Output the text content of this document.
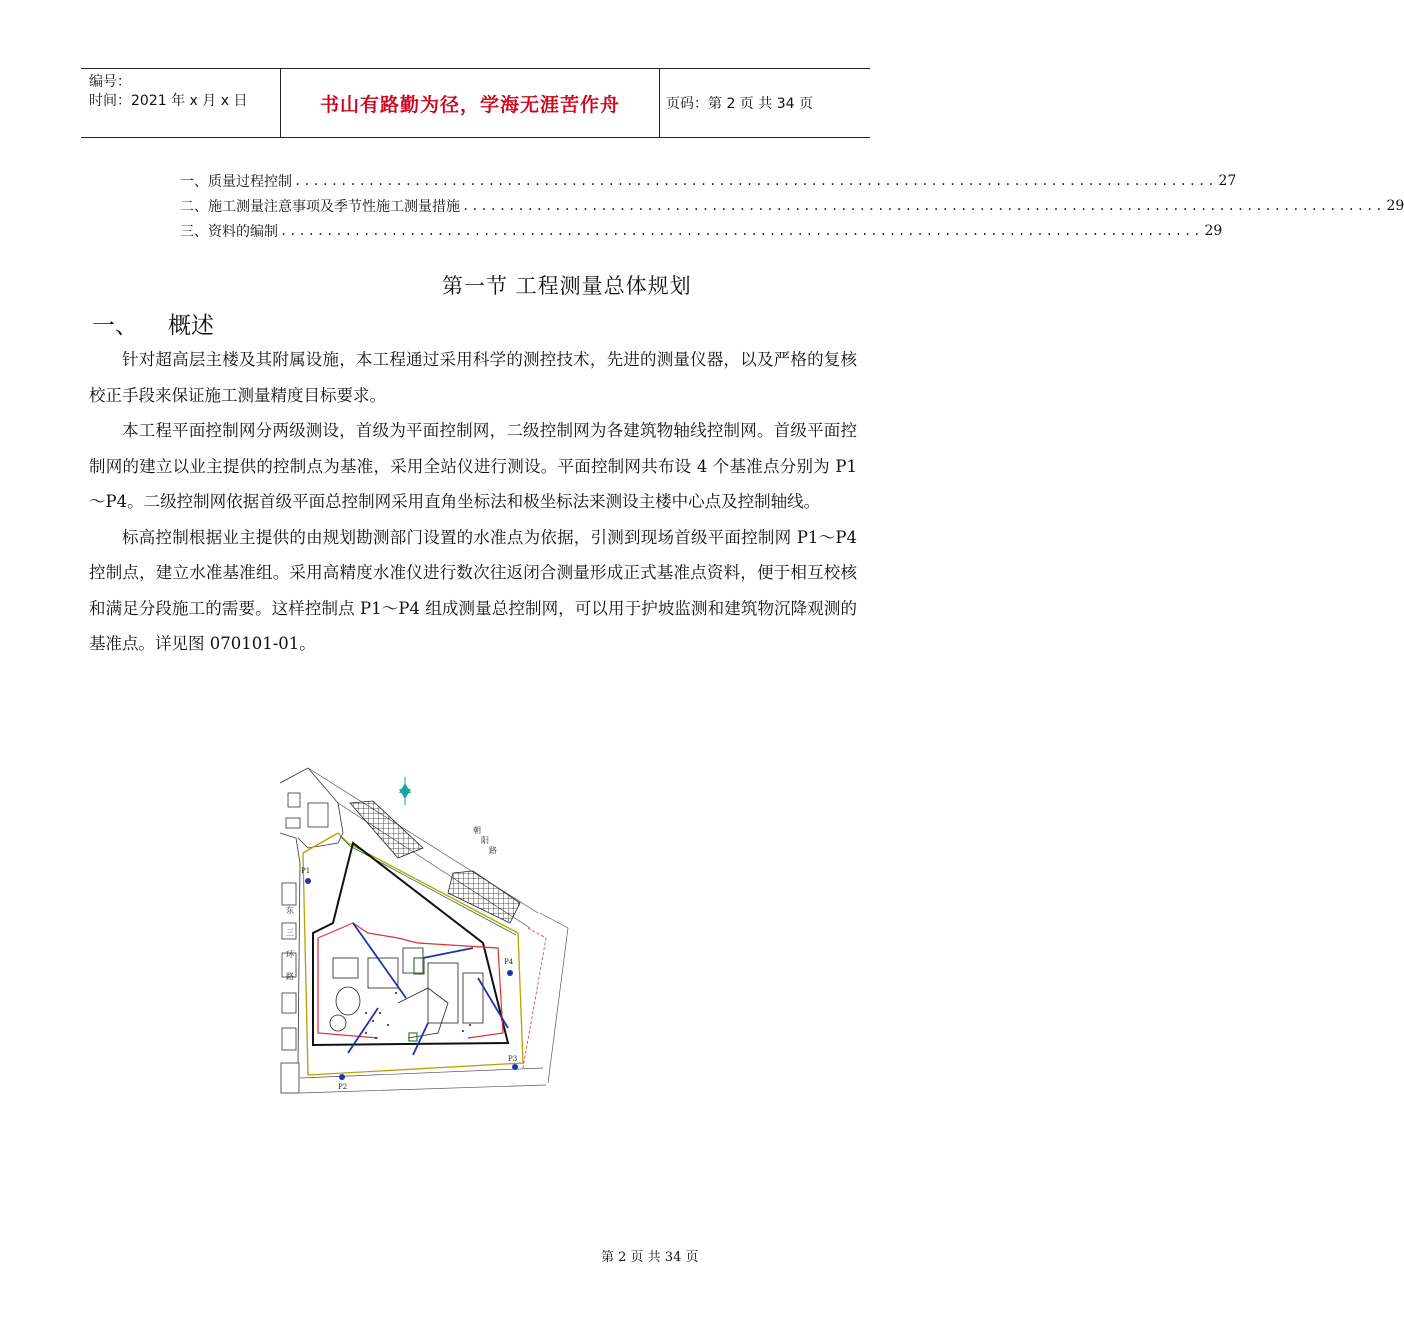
编号：
时间：2021 年 x 月 x 日	书山有路勤为径，学海无涯苦作舟	页码：第 2 页 共 34 页
一、 质量过程控制 .................................................................................................... 27
二、 施工测量注意事项及季节性施工测量措施 .................................................................................................... 29
三、 资料的编制 .................................................................................................... 29
第一节 工程测量总体规划
一、 概述

针对超高层主楼及其附属设施，本工程通过采用科学的测控技术，先进的测量仪器，以及严格的复核校正手段来保证施工测量精度目标要求。

本工程平面控制网分两级测设，首级为平面控制网，二级控制网为各建筑物轴线控制网。首级平面控制网的建立以业主提供的控制点为基准，采用全站仪进行测设。平面控制网共布设 4 个基准点分别为 P1～P4。二级控制网依据首级平面总控制网采用直角坐标法和极坐标法来测设主楼中心点及控制轴线。

标高控制根据业主提供的由规划勘测部门设置的水准点为依据，引测到现场首级平面控制网 P1～P4 控制点，建立水准基准组。采用高精度水准仪进行数次往返闭合测量形成正式基准点资料，便于相互校核和满足分段施工的需要。这样控制点 P1～P4 组成测量总控制网，可以用于护坡监测和建筑物沉降观测的基准点。详见图 070101-01。

P1
P4
P2
P3
朝 阳 路
东 三 环 路
第 2 页 共 34 页
